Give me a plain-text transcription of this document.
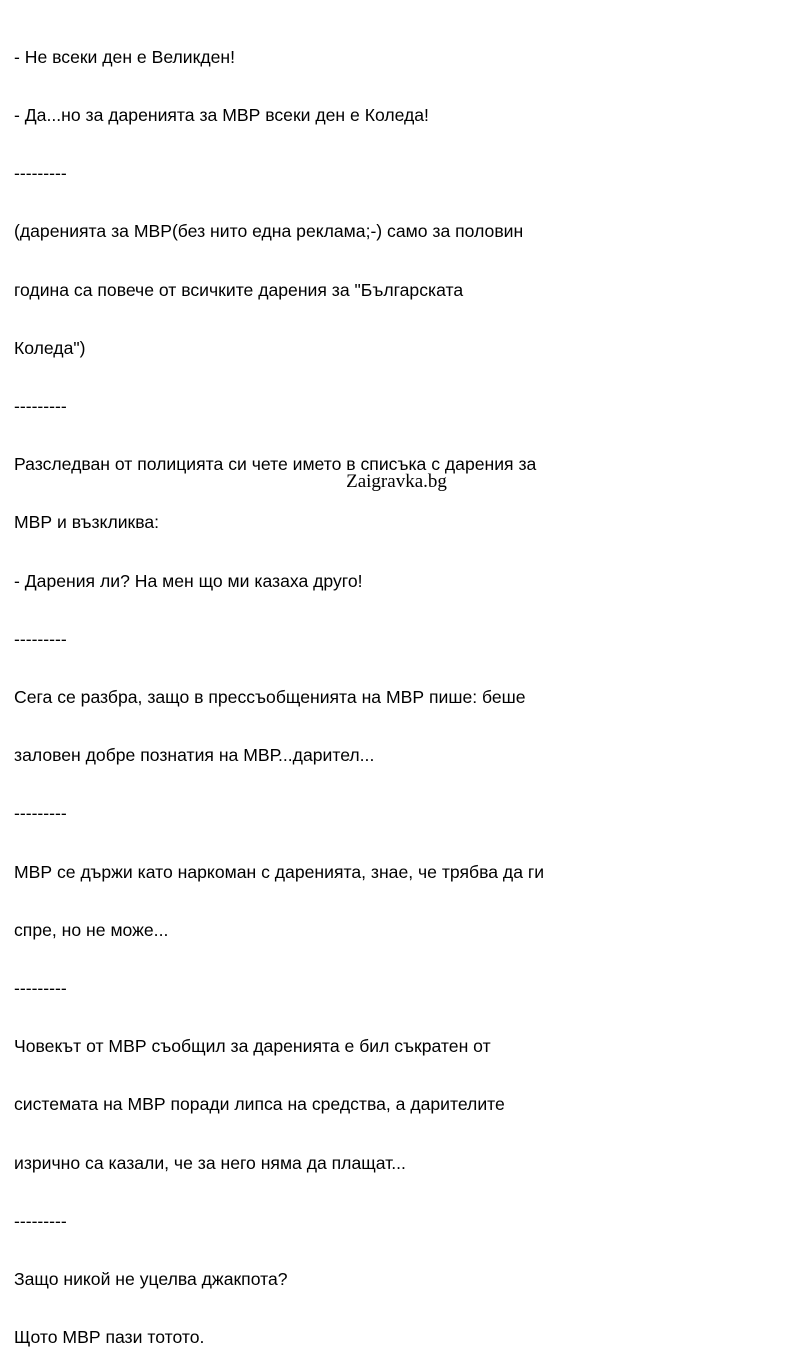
- Не всеки ден е Великден!

- Да...но за даренията за МВР всеки ден е Коледа!

---------

(даренията за МВР(без нито една реклама;-) само за половин

година са повече от всичките дарения за "Българската

Коледа")

---------

Разследван от полицията си чете името в списъка с дарения за

МВР и възкликва:

- Дарения ли? На мен що ми казаха друго!

---------

Сега се разбра, защо в прессъобщенията на МВР пише: беше

заловен добре познатия на МВР...дарител...

---------

МВР се държи като наркоман с даренията, знае, че трябва да ги

спре, но не може...

---------

Човекът от МВР съобщил за даренията е бил съкратен от

системата на МВР поради липса на средства, а дарителите

изрично са казали, че за него няма да плащат...

---------

Защо никой не уцелва джакпота?

Щото МВР пази тотото.

Zaigravka.bg
